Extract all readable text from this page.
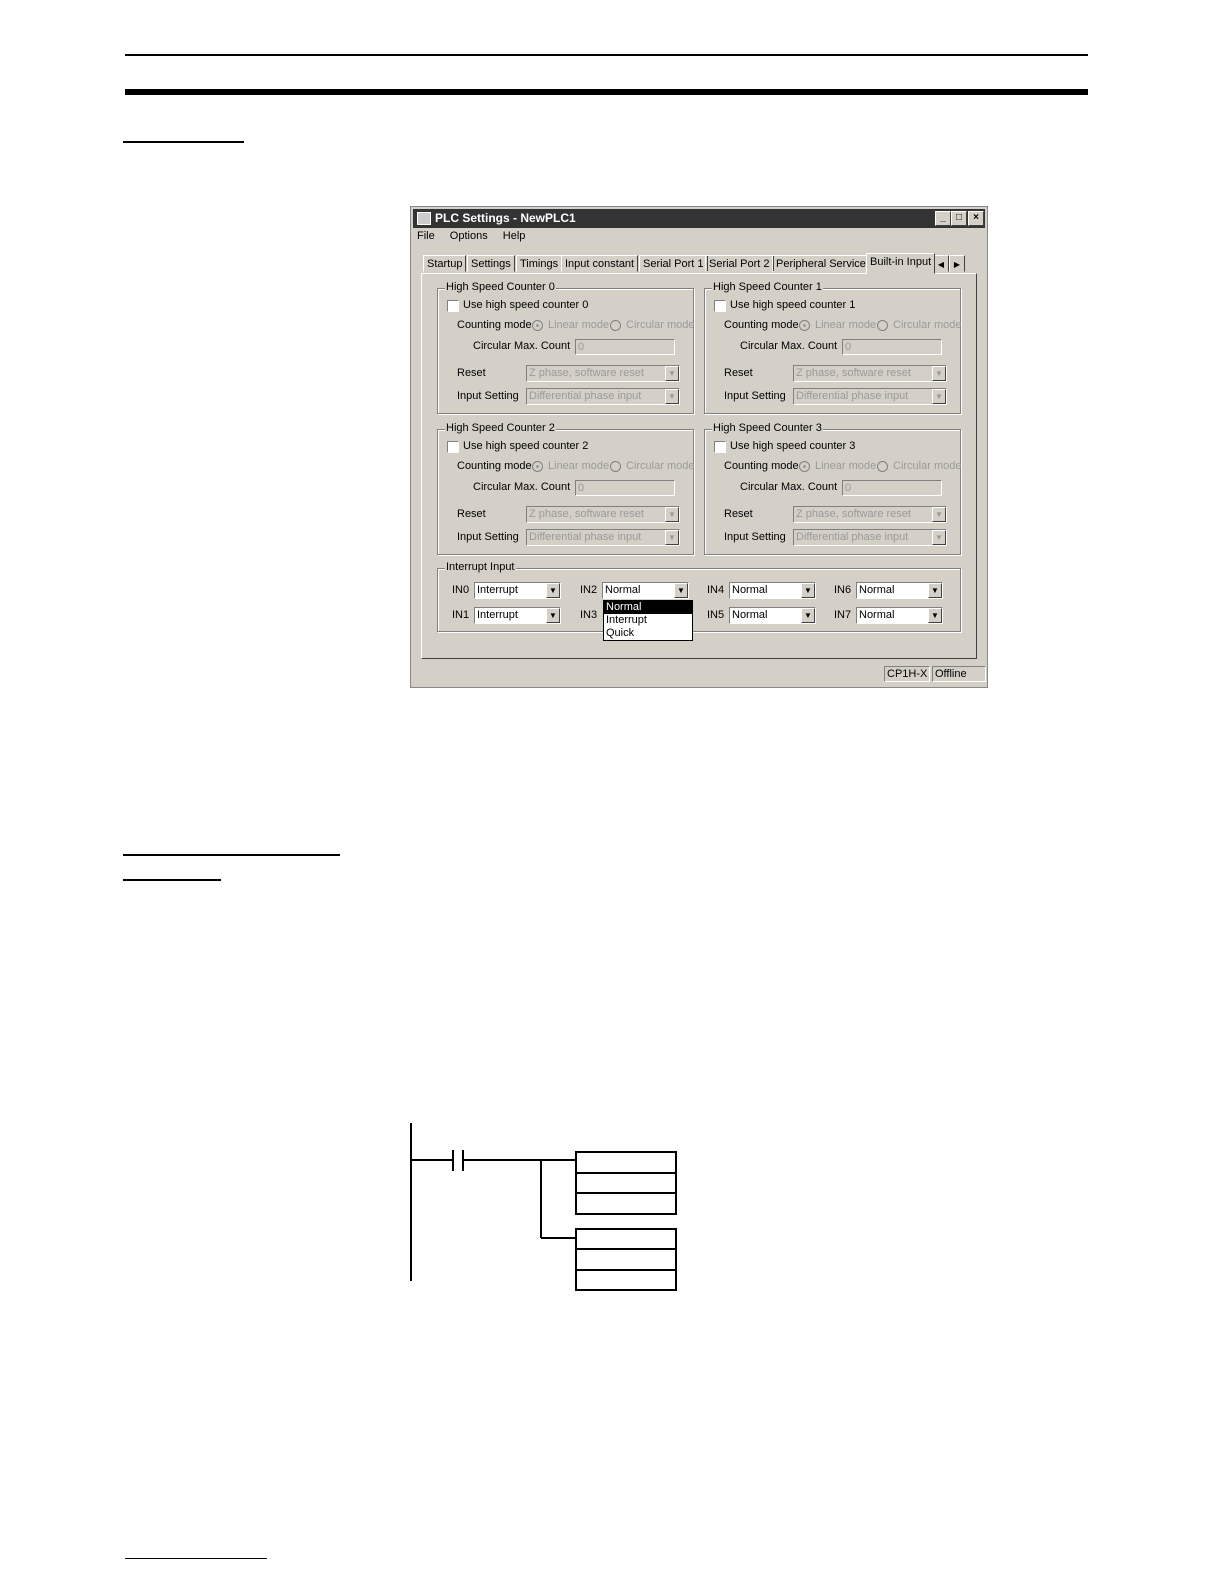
PLC Settings - NewPLC1	_	□	×
File Options Help
Startup Settings Timings Input constant Serial Port 1 Serial Port 2 Peripheral Service Built-in Input ◀	▶
High Speed Counter 0
Use high speed counter 0
Counting mode Linear mode Circular mode
Circular Max. Count 0
Reset	Z phase, software reset	▼
Input Setting Differential phase input	▼
High Speed Counter 1
Use high speed counter 1
Counting mode Linear mode Circular mode
Circular Max. Count 0
Reset	Z phase, software reset	▼
Input Setting Differential phase input	▼
High Speed Counter 2
Use high speed counter 2
Counting mode Linear mode Circular mode
Circular Max. Count 0
Reset	Z phase, software reset	▼
Input Setting Differential phase input	▼
High Speed Counter 3
Use high speed counter 3
Counting mode Linear mode Circular mode
Circular Max. Count 0
Reset	Z phase, software reset	▼
Input Setting Differential phase input	▼
Interrupt Input
IN0 Interrupt	▼
IN1 Interrupt	▼
IN2 Normal	▼
IN3
IN4 Normal	▼
IN5 Normal	▼
IN6 Normal	▼
IN7 Normal	▼
Normal
Interrupt
Quick
CP1H-X Offline
